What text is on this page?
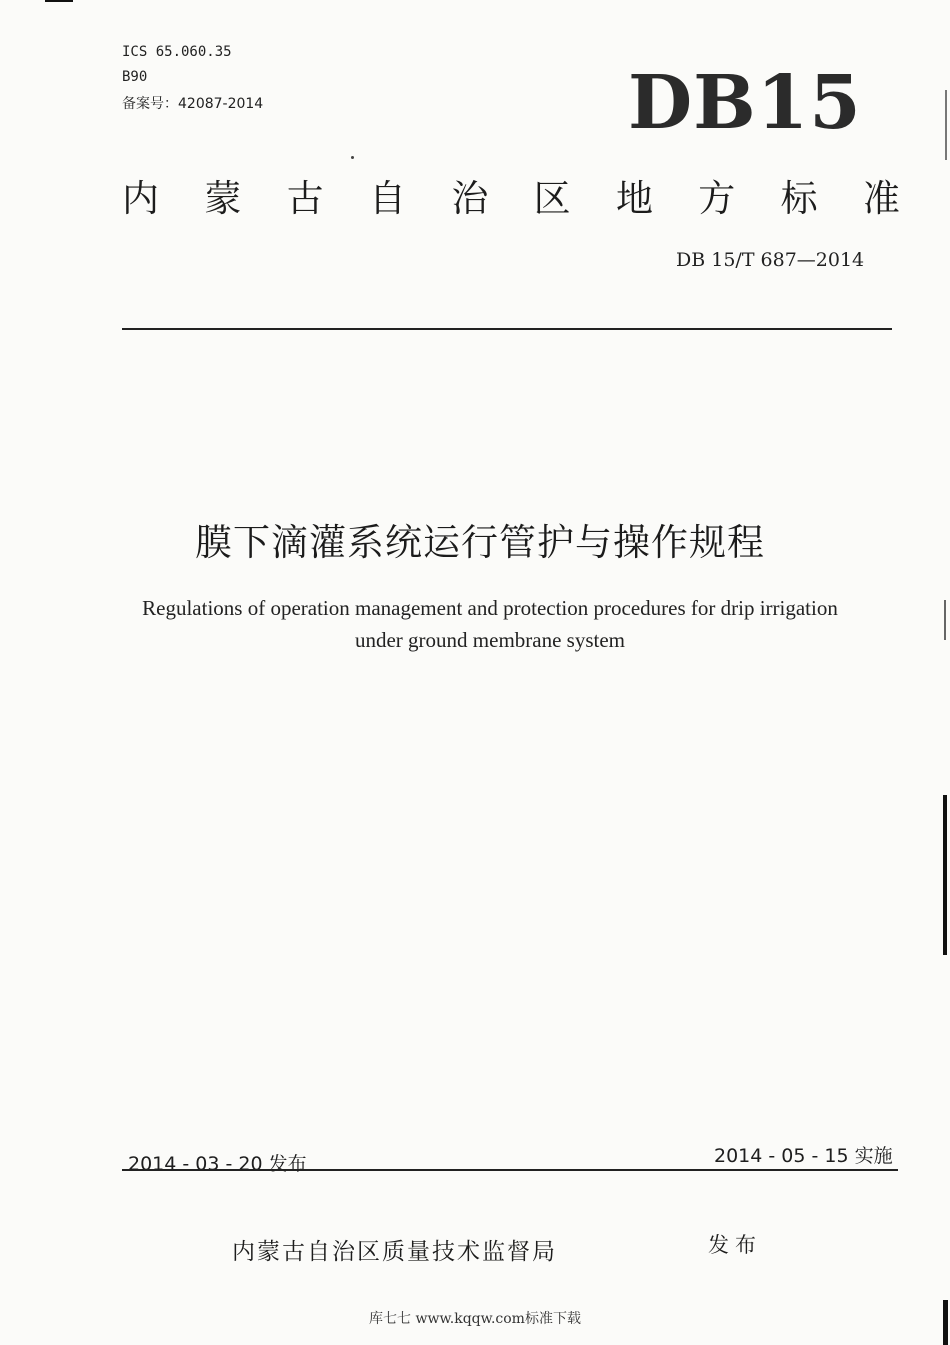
ICS 65.060.35
B90
备案号：42087-2014	DB15
内 蒙 古 自 治 区 地 方 标 准
DB 15/T 687—2014
膜下滴灌系统运行管护与操作规程
Regulations of operation management and protection procedures for drip irrigation
under ground membrane system
2014 - 03 - 20 发布	2014 - 05 - 15 实施
内蒙古自治区质量技术监督局	发布
库七七 www.kqqw.com标准下载
